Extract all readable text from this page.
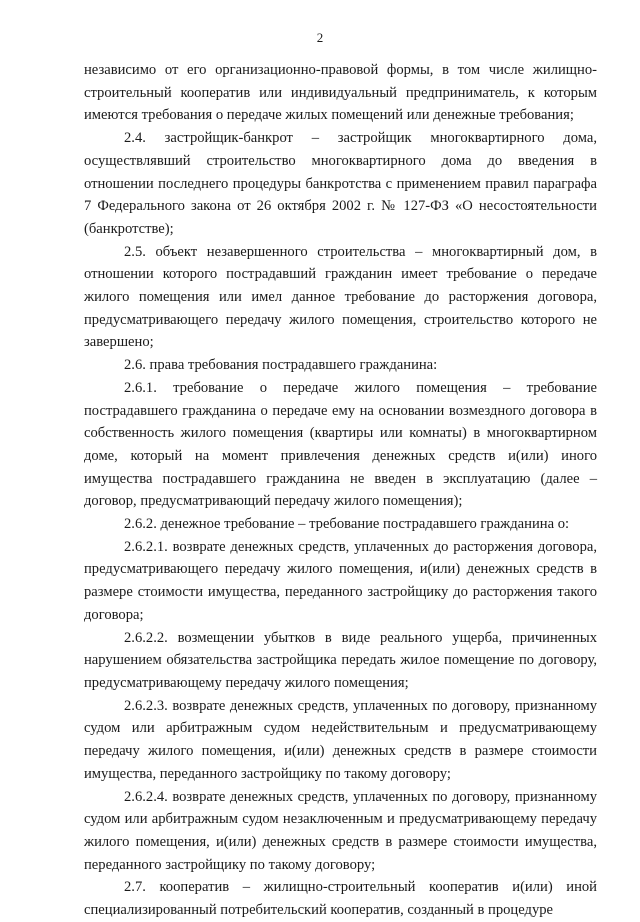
2

независимо от его организационно-правовой формы, в том числе жилищно-строительный кооператив или индивидуальный предприниматель, к которым имеются требования о передаче жилых помещений или денежные требования;

2.4. застройщик-банкрот – застройщик многоквартирного дома, осуществлявший строительство многоквартирного дома до введения в отношении последнего процедуры банкротства с применением правил параграфа 7 Федерального закона от 26 октября 2002 г. № 127-ФЗ «О несостоятельности (банкротстве);

2.5. объект незавершенного строительства – многоквартирный дом, в отношении которого пострадавший гражданин имеет требование о передаче жилого помещения или имел данное требование до расторжения договора, предусматривающего передачу жилого помещения, строительство которого не завершено;

2.6. права требования пострадавшего гражданина:

2.6.1. требование о передаче жилого помещения – требование пострадавшего гражданина о передаче ему на основании возмездного договора в собственность жилого помещения (квартиры или комнаты) в многоквартирном доме, который на момент привлечения денежных средств и(или) иного имущества пострадавшего гражданина не введен в эксплуатацию (далее – договор, предусматривающий передачу жилого помещения);

2.6.2. денежное требование – требование пострадавшего гражданина о:

2.6.2.1. возврате денежных средств, уплаченных до расторжения договора, предусматривающего передачу жилого помещения, и(или) денежных средств в размере стоимости имущества, переданного застройщику до расторжения такого договора;

2.6.2.2. возмещении убытков в виде реального ущерба, причиненных нарушением обязательства застройщика передать жилое помещение по договору, предусматривающему передачу жилого помещения;

2.6.2.3. возврате денежных средств, уплаченных по договору, признанному судом или арбитражным судом недействительным и предусматривающему передачу жилого помещения, и(или) денежных средств в размере стоимости имущества, переданного застройщику по такому договору;

2.6.2.4. возврате денежных средств, уплаченных по договору, признанному судом или арбитражным судом незаключенным и предусматривающему передачу жилого помещения, и(или) денежных средств в размере стоимости имущества, переданного застройщику по такому договору;

2.7. кооператив – жилищно-строительный кооператив и(или) иной специализированный потребительский кооператив, созданный в процедуре
